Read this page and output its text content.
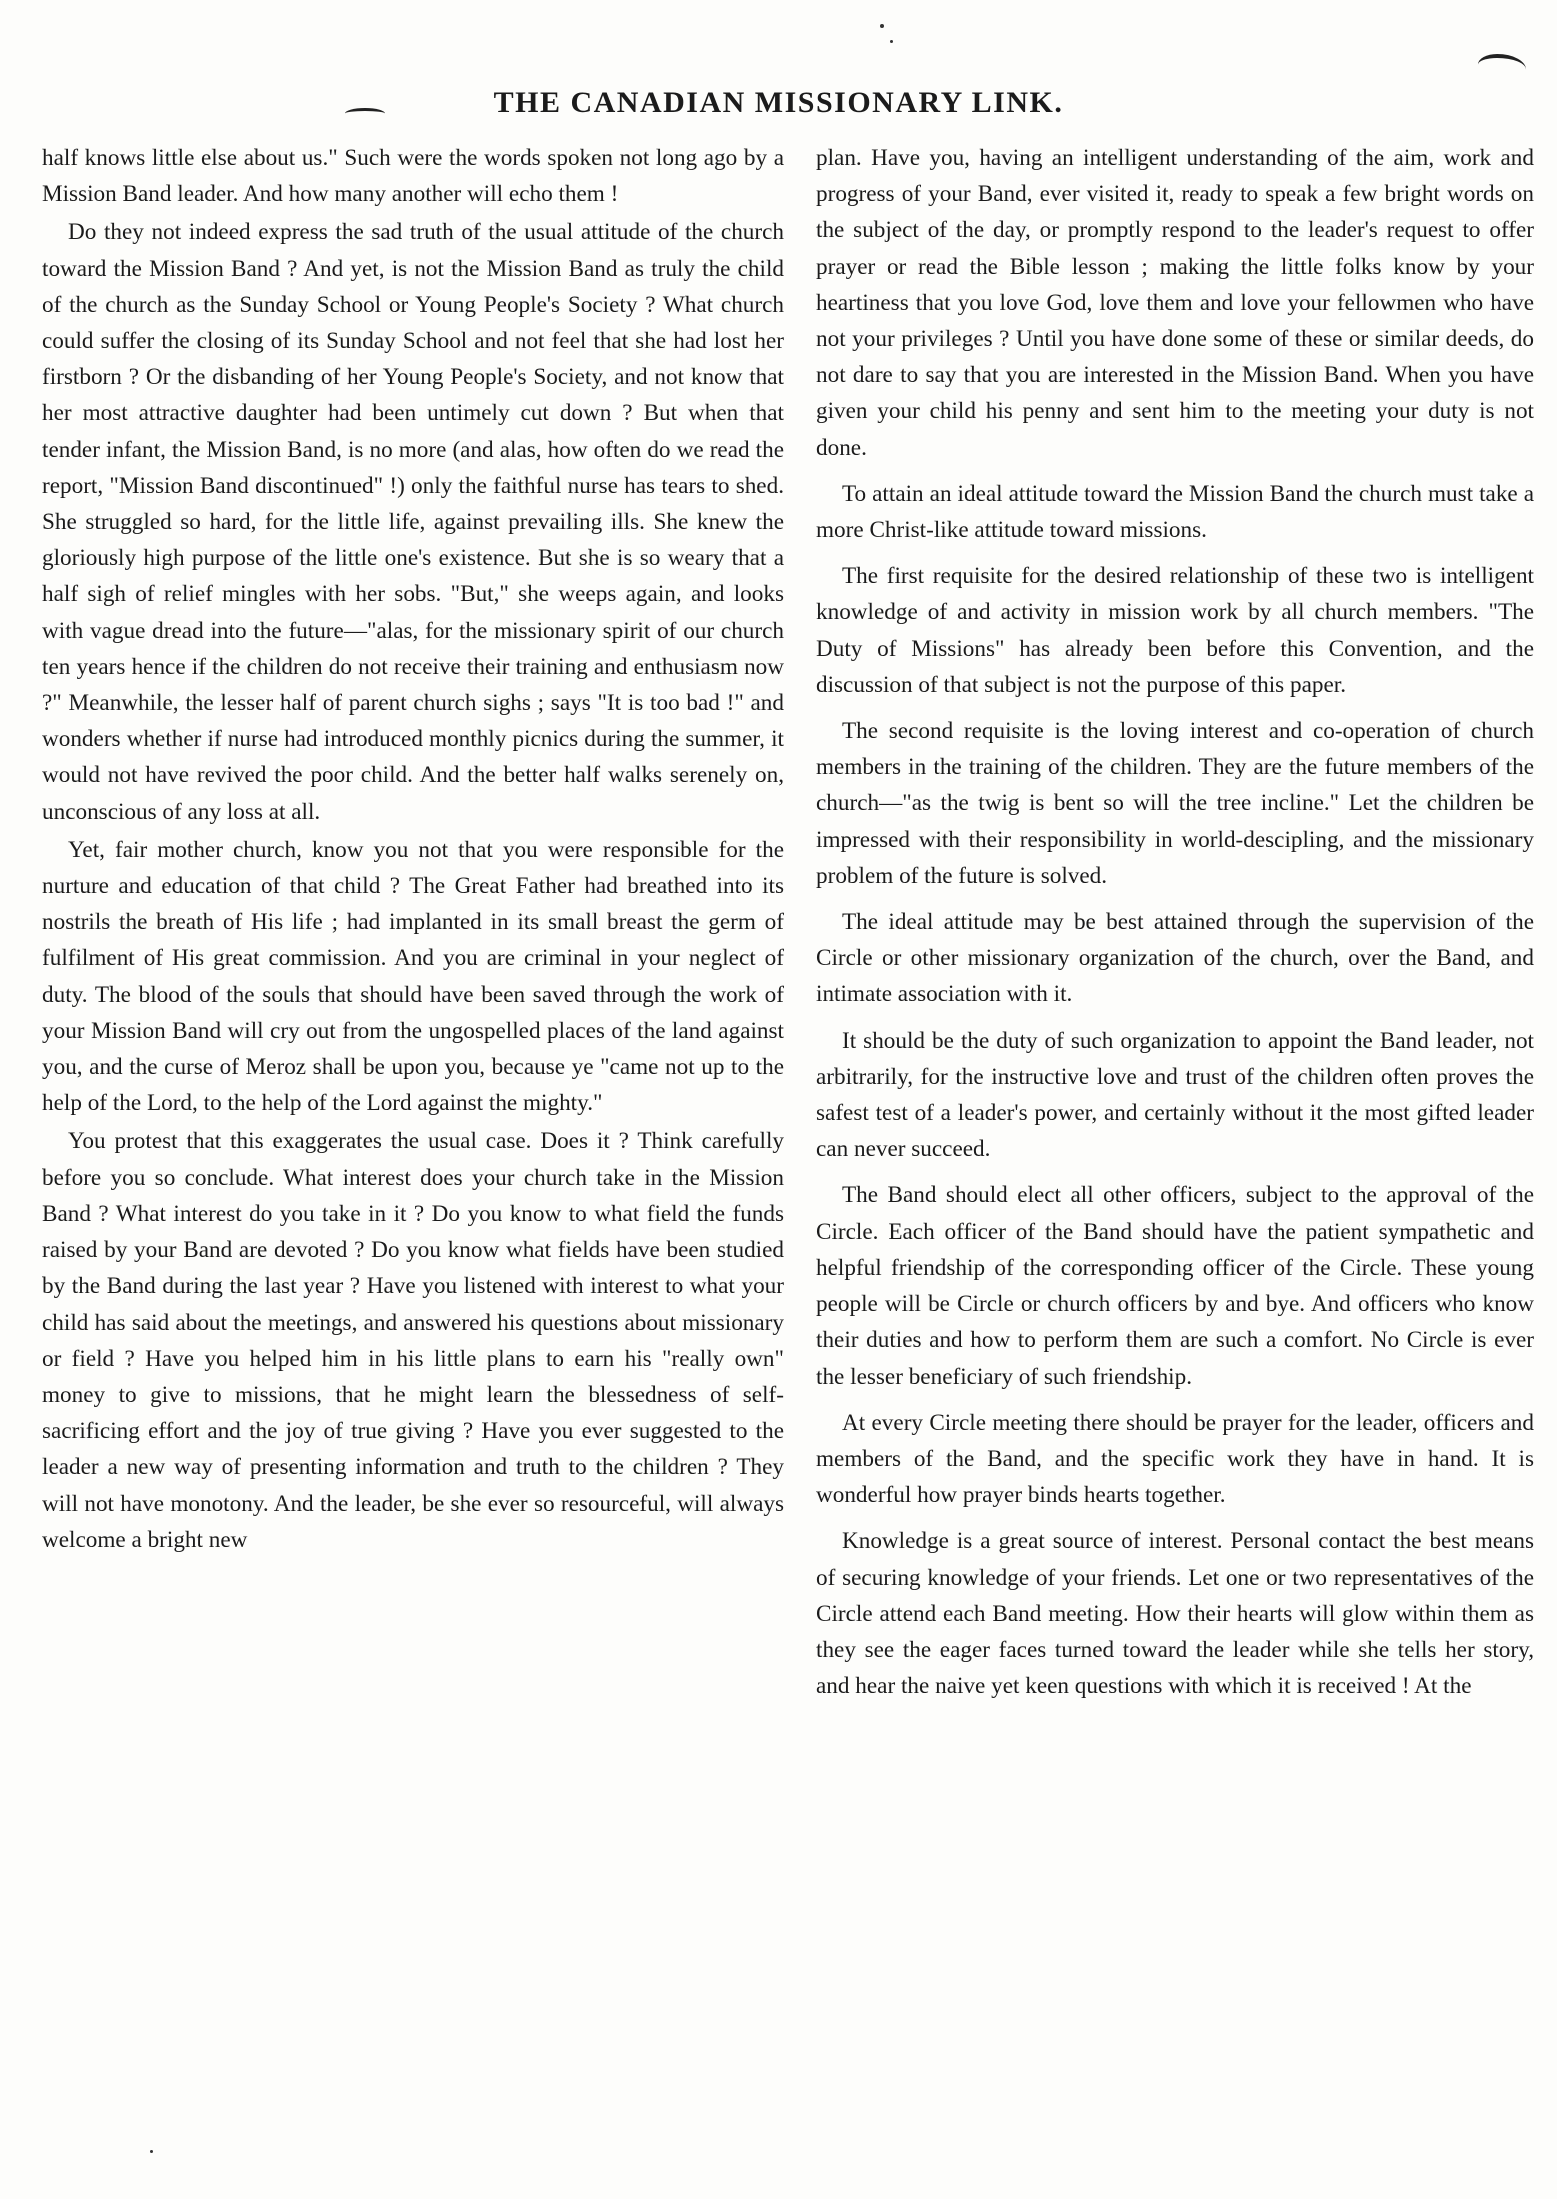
THE CANADIAN MISSIONARY LINK.

half knows little else about us." Such were the words spoken not long ago by a Mission Band leader. And how many another will echo them !

Do they not indeed express the sad truth of the usual attitude of the church toward the Mission Band ? And yet, is not the Mission Band as truly the child of the church as the Sunday School or Young People's Society ? What church could suffer the closing of its Sunday School and not feel that she had lost her firstborn ? Or the disbanding of her Young People's Society, and not know that her most attractive daughter had been untimely cut down ? But when that tender infant, the Mission Band, is no more (and alas, how often do we read the report, "Mission Band discontinued" !) only the faithful nurse has tears to shed. She struggled so hard, for the little life, against prevailing ills. She knew the gloriously high purpose of the little one's existence. But she is so weary that a half sigh of relief mingles with her sobs. "But," she weeps again, and looks with vague dread into the future—"alas, for the missionary spirit of our church ten years hence if the children do not receive their training and enthusiasm now ?" Meanwhile, the lesser half of parent church sighs ; says "It is too bad !" and wonders whether if nurse had introduced monthly picnics during the summer, it would not have revived the poor child. And the better half walks serenely on, unconscious of any loss at all.

Yet, fair mother church, know you not that you were responsible for the nurture and education of that child ? The Great Father had breathed into its nostrils the breath of His life ; had implanted in its small breast the germ of fulfilment of His great commission. And you are criminal in your neglect of duty. The blood of the souls that should have been saved through the work of your Mission Band will cry out from the ungospelled places of the land against you, and the curse of Meroz shall be upon you, because ye "came not up to the help of the Lord, to the help of the Lord against the mighty."

You protest that this exaggerates the usual case. Does it ? Think carefully before you so conclude. What interest does your church take in the Mission Band ? What interest do you take in it ? Do you know to what field the funds raised by your Band are devoted ? Do you know what fields have been studied by the Band during the last year ? Have you listened with interest to what your child has said about the meetings, and answered his questions about missionary or field ? Have you helped him in his little plans to earn his "really own" money to give to missions, that he might learn the blessedness of self-sacrificing effort and the joy of true giving ? Have you ever suggested to the leader a new way of presenting information and truth to the children ? They will not have monotony. And the leader, be she ever so resourceful, will always welcome a bright new

plan. Have you, having an intelligent understanding of the aim, work and progress of your Band, ever visited it, ready to speak a few bright words on the subject of the day, or promptly respond to the leader's request to offer prayer or read the Bible lesson ; making the little folks know by your heartiness that you love God, love them and love your fellowmen who have not your privileges ? Until you have done some of these or similar deeds, do not dare to say that you are interested in the Mission Band. When you have given your child his penny and sent him to the meeting your duty is not done.

To attain an ideal attitude toward the Mission Band the church must take a more Christ-like attitude toward missions.

The first requisite for the desired relationship of these two is intelligent knowledge of and activity in mission work by all church members. "The Duty of Missions" has already been before this Convention, and the discussion of that subject is not the purpose of this paper.

The second requisite is the loving interest and co-operation of church members in the training of the children. They are the future members of the church—"as the twig is bent so will the tree incline." Let the children be impressed with their responsibility in world-descipling, and the missionary problem of the future is solved.

The ideal attitude may be best attained through the supervision of the Circle or other missionary organization of the church, over the Band, and intimate association with it.

It should be the duty of such organization to appoint the Band leader, not arbitrarily, for the instructive love and trust of the children often proves the safest test of a leader's power, and certainly without it the most gifted leader can never succeed.

The Band should elect all other officers, subject to the approval of the Circle. Each officer of the Band should have the patient sympathetic and helpful friendship of the corresponding officer of the Circle. These young people will be Circle or church officers by and bye. And officers who know their duties and how to perform them are such a comfort. No Circle is ever the lesser beneficiary of such friendship.

At every Circle meeting there should be prayer for the leader, officers and members of the Band, and the specific work they have in hand. It is wonderful how prayer binds hearts together.

Knowledge is a great source of interest. Personal contact the best means of securing knowledge of your friends. Let one or two representatives of the Circle attend each Band meeting. How their hearts will glow within them as they see the eager faces turned toward the leader while she tells her story, and hear the naive yet keen questions with which it is received ! At the
